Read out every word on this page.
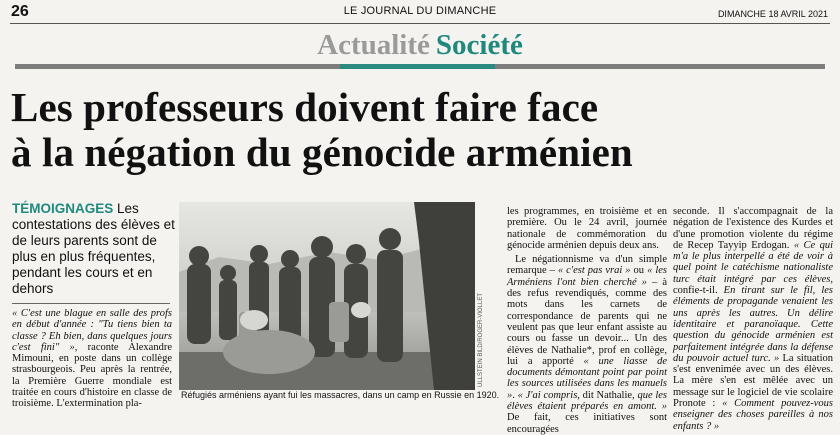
26	LE JOURNAL DU DIMANCHE	DIMANCHE 18 AVRIL 2021
Actualité Société
Les professeurs doivent faire face
à la négation du génocide arménien
TÉMOIGNAGES Les contestations des élèves et de leurs parents sont de plus en plus fréquentes, pendant les cours et en dehors

« C'est une blague en salle des profs en début d'année : "Tu tiens bien ta classe ? Eh bien, dans quelques jours c'est fini" », raconte Alexandre Mimouni, en poste dans un collège strasbourgeois. Peu après la rentrée, la Première Guerre mondiale est traitée en cours d'histoire en classe de troisième. L'extermination pla-

ULLSTEIN BILD/ROGER-VIOLLET
Réfugiés arméniens ayant fui les massacres, dans un camp en Russie en 1920.

les programmes, en troisième et en première. Ou le 24 avril, journée nationale de commémoration du génocide arménien depuis deux ans.

Le négationnisme va d'un simple remarque – « c'est pas vrai » ou « les Arméniens l'ont bien cherché » – à des refus revendiqués, comme des mots dans les carnets de correspondance de parents qui ne veulent pas que leur enfant assiste au cours ou fasse un devoir... Un des élèves de Nathalie*, prof en collège, lui a apporté « une liasse de documents démontant point par point les sources utilisées dans les manuels ». « J'ai compris, dit Nathalie, que les élèves étaient préparés en amont. » De fait, ces initiatives sont encouragées

seconde. Il s'accompagnait de la négation de l'existence des Kurdes et d'une promotion violente du régime de Recep Tayyip Erdogan. « Ce qui m'a le plus interpellé a été de voir à quel point le catéchisme nationaliste turc était intégré par ces élèves, confie-t-il. En tirant sur le fil, les éléments de propagande venaient les uns après les autres. Un délire identitaire et paranoïaque. Cette question du génocide arménien est parfaitement intégrée dans la défense du pouvoir actuel turc. » La situation s'est envenimée avec un des élèves. La mère s'en est mêlée avec un message sur le logiciel de vie scolaire Pronote : « Comment pouvez-vous enseigner des choses pareilles à nos enfants ? »
